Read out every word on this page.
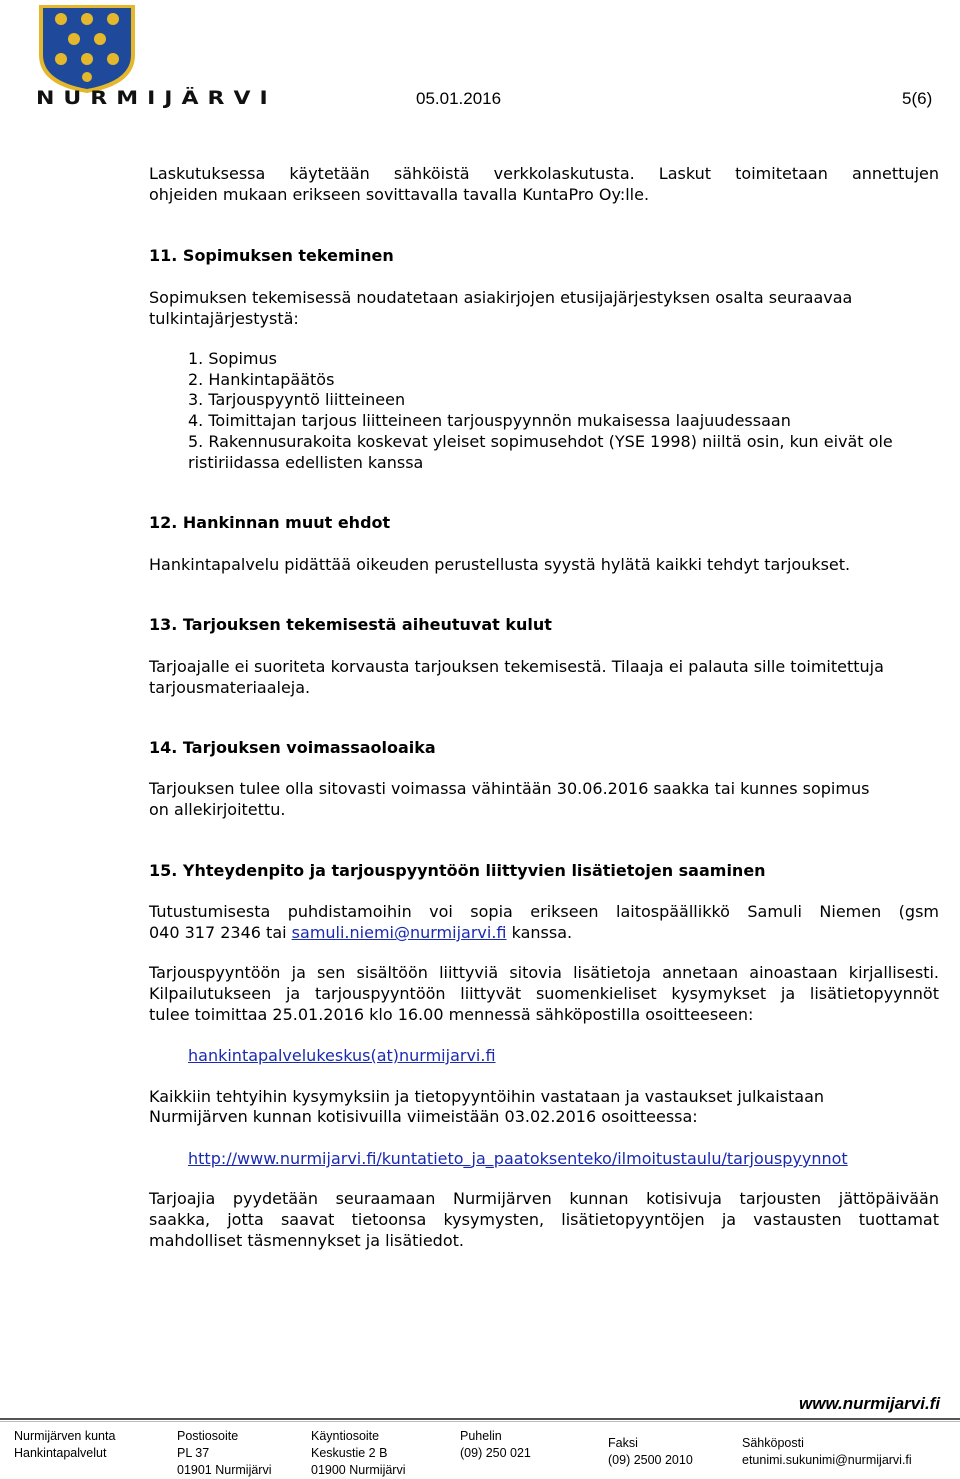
NURMIJÄRVI	05.01.2016	5(6)
Laskutuksessa käytetään sähköistä verkkolaskutusta. Laskut toimitetaan annettujen
ohjeiden mukaan erikseen sovittavalla tavalla KuntaPro Oy:lle.
11. Sopimuksen tekeminen
Sopimuksen tekemisessä noudatetaan asiakirjojen etusijajärjestyksen osalta seuraavaa
tulkintajärjestystä:
1. Sopimus
2. Hankintapäätös
3. Tarjouspyyntö liitteineen
4. Toimittajan tarjous liitteineen tarjouspyynnön mukaisessa laajuudessaan
5. Rakennusurakoita koskevat yleiset sopimusehdot (YSE 1998) niiltä osin, kun eivät ole
ristiriidassa edellisten kanssa
12. Hankinnan muut ehdot
Hankintapalvelu pidättää oikeuden perustellusta syystä hylätä kaikki tehdyt tarjoukset.
13. Tarjouksen tekemisestä aiheutuvat kulut
Tarjoajalle ei suoriteta korvausta tarjouksen tekemisestä. Tilaaja ei palauta sille toimitettuja
tarjousmateriaaleja.
14. Tarjouksen voimassaoloaika
Tarjouksen tulee olla sitovasti voimassa vähintään 30.06.2016 saakka tai kunnes sopimus
on allekirjoitettu.
15. Yhteydenpito ja tarjouspyyntöön liittyvien lisätietojen saaminen
Tutustumisesta puhdistamoihin voi sopia erikseen laitospäällikkö Samuli Niemen (gsm
040 317 2346 tai samuli.niemi@nurmijarvi.fi kanssa.
Tarjouspyyntöön ja sen sisältöön liittyviä sitovia lisätietoja annetaan ainoastaan kirjallisesti.
Kilpailutukseen ja tarjouspyyntöön liittyvät suomenkieliset kysymykset ja lisätietopyynnöt
tulee toimittaa 25.01.2016 klo 16.00 mennessä sähköpostilla osoitteeseen:
hankintapalvelukeskus(at)nurmijarvi.fi
Kaikkiin tehtyihin kysymyksiin ja tietopyyntöihin vastataan ja vastaukset julkaistaan
Nurmijärven kunnan kotisivuilla viimeistään 03.02.2016 osoitteessa:
http://www.nurmijarvi.fi/kuntatieto_ja_paatoksenteko/ilmoitustaulu/tarjouspyynnot
Tarjoajia pyydetään seuraamaan Nurmijärven kunnan kotisivuja tarjousten jättöpäivään
saakka, jotta saavat tietoonsa kysymysten, lisätietopyyntöjen ja vastausten tuottamat
mahdolliset täsmennykset ja lisätiedot.
www.nurmijarvi.fi
Nurmijärven kunta
Hankintapalvelut
Postiosoite
PL 37
01901 Nurmijärvi
Käyntiosoite
Keskustie 2 B
01900 Nurmijärvi
Puhelin
(09) 250 021
Faksi
(09) 2500 2010
Sähköposti
etunimi.sukunimi@nurmijarvi.fi
